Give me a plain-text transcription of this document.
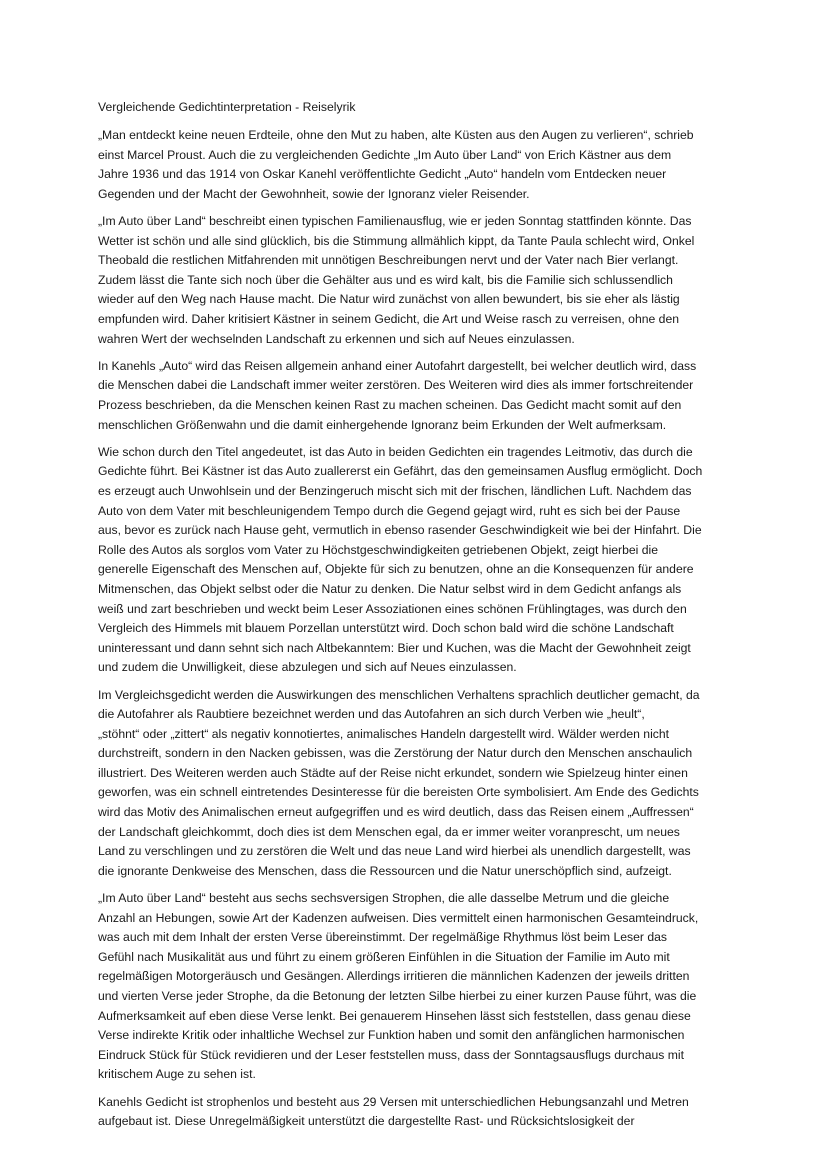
Vergleichende Gedichtinterpretation - Reiselyrik
„Man entdeckt keine neuen Erdteile, ohne den Mut zu haben, alte Küsten aus den Augen zu verlieren“, schrieb
einst Marcel Proust. Auch die zu vergleichenden Gedichte „Im Auto über Land“ von Erich Kästner aus dem
Jahre 1936 und das 1914 von Oskar Kanehl veröffentlichte Gedicht „Auto“ handeln vom Entdecken neuer
Gegenden und der Macht der Gewohnheit, sowie der Ignoranz vieler Reisender.
„Im Auto über Land“ beschreibt einen typischen Familienausflug, wie er jeden Sonntag stattfinden könnte. Das
Wetter ist schön und alle sind glücklich, bis die Stimmung allmählich kippt, da Tante Paula schlecht wird, Onkel
Theobald die restlichen Mitfahrenden mit unnötigen Beschreibungen nervt und der Vater nach Bier verlangt.
Zudem lässt die Tante sich noch über die Gehälter aus und es wird kalt, bis die Familie sich schlussendlich
wieder auf den Weg nach Hause macht. Die Natur wird zunächst von allen bewundert, bis sie eher als lästig
empfunden wird. Daher kritisiert Kästner in seinem Gedicht, die Art und Weise rasch zu verreisen, ohne den
wahren Wert der wechselnden Landschaft zu erkennen und sich auf Neues einzulassen.
In Kanehls „Auto“ wird das Reisen allgemein anhand einer Autofahrt dargestellt, bei welcher deutlich wird, dass
die Menschen dabei die Landschaft immer weiter zerstören. Des Weiteren wird dies als immer fortschreitender
Prozess beschrieben, da die Menschen keinen Rast zu machen scheinen. Das Gedicht macht somit auf den
menschlichen Größenwahn und die damit einhergehende Ignoranz beim Erkunden der Welt aufmerksam.
Wie schon durch den Titel angedeutet, ist das Auto in beiden Gedichten ein tragendes Leitmotiv, das durch die
Gedichte führt. Bei Kästner ist das Auto zuallererst ein Gefährt, das den gemeinsamen Ausflug ermöglicht. Doch
es erzeugt auch Unwohlsein und der Benzingeruch mischt sich mit der frischen, ländlichen Luft. Nachdem das
Auto von dem Vater mit beschleunigendem Tempo durch die Gegend gejagt wird, ruht es sich bei der Pause
aus, bevor es zurück nach Hause geht, vermutlich in ebenso rasender Geschwindigkeit wie bei der Hinfahrt. Die
Rolle des Autos als sorglos vom Vater zu Höchstgeschwindigkeiten getriebenen Objekt, zeigt hierbei die
generelle Eigenschaft des Menschen auf, Objekte für sich zu benutzen, ohne an die Konsequenzen für andere
Mitmenschen, das Objekt selbst oder die Natur zu denken. Die Natur selbst wird in dem Gedicht anfangs als
weiß und zart beschrieben und weckt beim Leser Assoziationen eines schönen Frühlingtages, was durch den
Vergleich des Himmels mit blauem Porzellan unterstützt wird. Doch schon bald wird die schöne Landschaft
uninteressant und dann sehnt sich nach Altbekanntem: Bier und Kuchen, was die Macht der Gewohnheit zeigt
und zudem die Unwilligkeit, diese abzulegen und sich auf Neues einzulassen.
Im Vergleichsgedicht werden die Auswirkungen des menschlichen Verhaltens sprachlich deutlicher gemacht, da
die Autofahrer als Raubtiere bezeichnet werden und das Autofahren an sich durch Verben wie „heult“,
„stöhnt“ oder „zittert“ als negativ konnotiertes, animalisches Handeln dargestellt wird. Wälder werden nicht
durchstreift, sondern in den Nacken gebissen, was die Zerstörung der Natur durch den Menschen anschaulich
illustriert. Des Weiteren werden auch Städte auf der Reise nicht erkundet, sondern wie Spielzeug hinter einen
geworfen, was ein schnell eintretendes Desinteresse für die bereisten Orte symbolisiert. Am Ende des Gedichts
wird das Motiv des Animalischen erneut aufgegriffen und es wird deutlich, dass das Reisen einem „Auffressen“
der Landschaft gleichkommt, doch dies ist dem Menschen egal, da er immer weiter voranprescht, um neues
Land zu verschlingen und zu zerstören die Welt und das neue Land wird hierbei als unendlich dargestellt, was
die ignorante Denkweise des Menschen, dass die Ressourcen und die Natur unerschöpflich sind, aufzeigt.
„Im Auto über Land“ besteht aus sechs sechsversigen Strophen, die alle dasselbe Metrum und die gleiche
Anzahl an Hebungen, sowie Art der Kadenzen aufweisen. Dies vermittelt einen harmonischen Gesamteindruck,
was auch mit dem Inhalt der ersten Verse übereinstimmt. Der regelmäßige Rhythmus löst beim Leser das
Gefühl nach Musikalität aus und führt zu einem größeren Einfühlen in die Situation der Familie im Auto mit
regelmäßigen Motorgeräusch und Gesängen. Allerdings irritieren die männlichen Kadenzen der jeweils dritten
und vierten Verse jeder Strophe, da die Betonung der letzten Silbe hierbei zu einer kurzen Pause führt, was die
Aufmerksamkeit auf eben diese Verse lenkt. Bei genauerem Hinsehen lässt sich feststellen, dass genau diese
Verse indirekte Kritik oder inhaltliche Wechsel zur Funktion haben und somit den anfänglichen harmonischen
Eindruck Stück für Stück revidieren und der Leser feststellen muss, dass der Sonntagsausflugs durchaus mit
kritischem Auge zu sehen ist.
Kanehls Gedicht ist strophenlos und besteht aus 29 Versen mit unterschiedlichen Hebungsanzahl und Metren
aufgebaut ist. Diese Unregelmäßigkeit unterstützt die dargestellte Rast- und Rücksichtslosigkeit der
